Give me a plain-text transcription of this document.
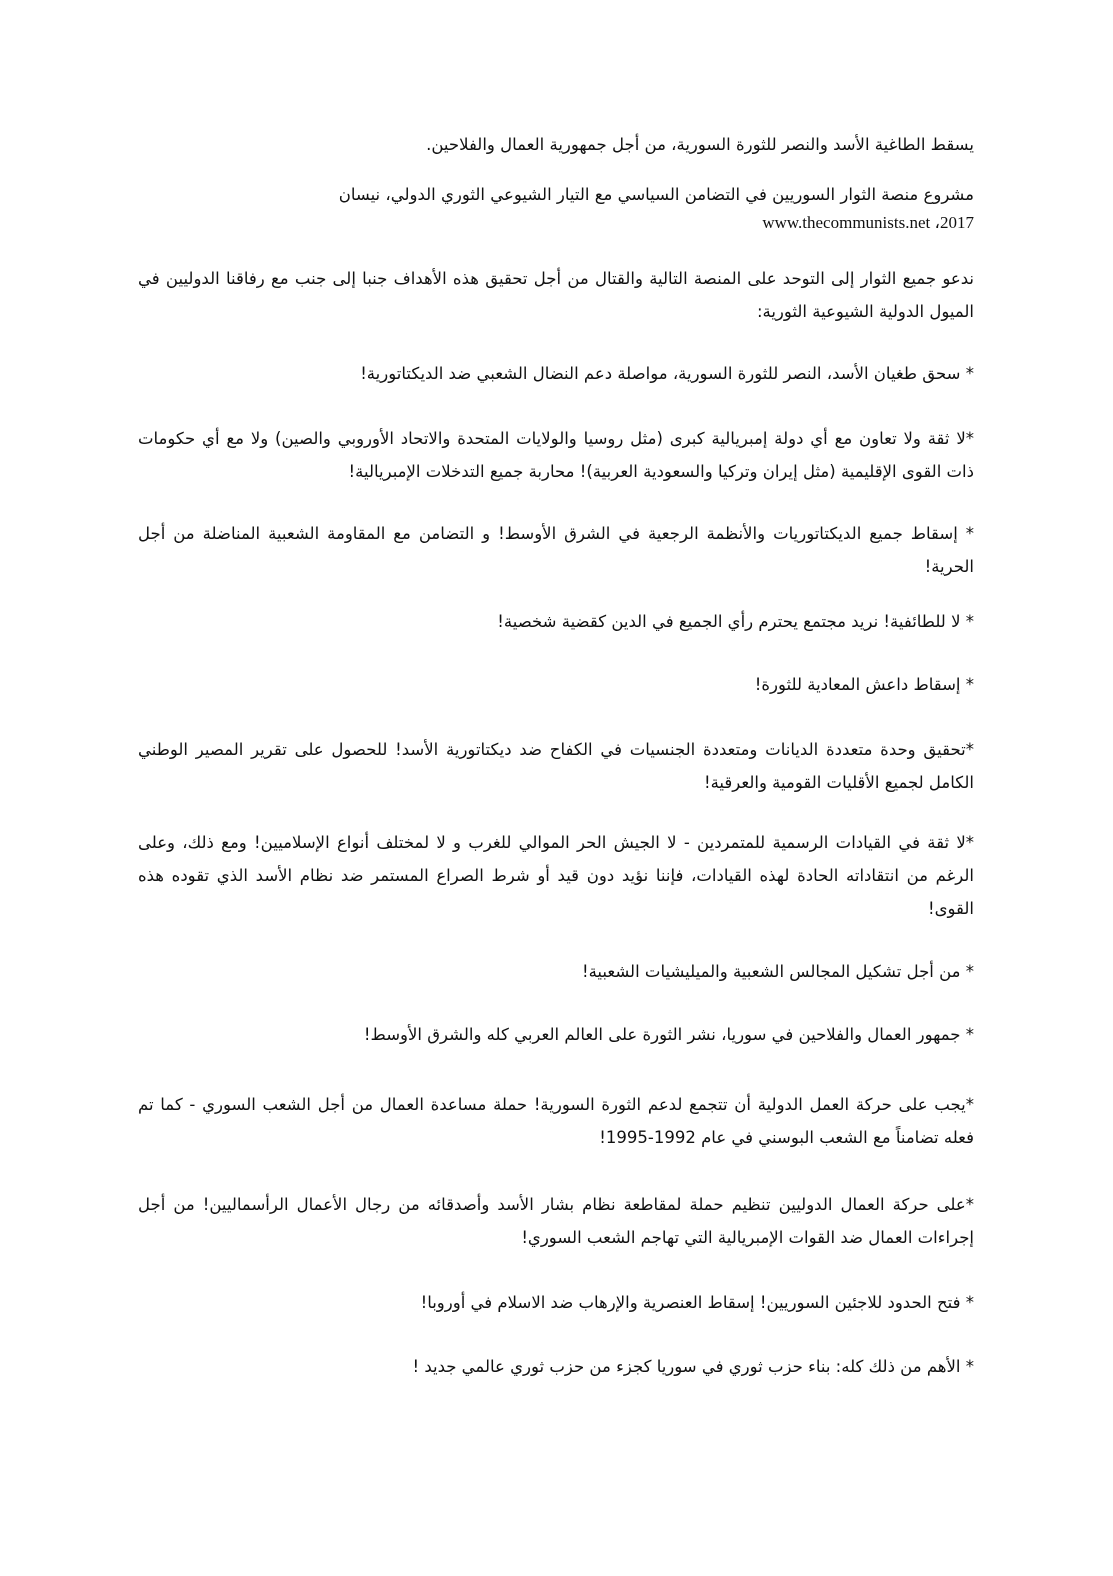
يسقط الطاغية الأسد والنصر للثورة السورية، من أجل جمهورية العمال والفلاحين.

مشروع منصة الثوار السوريين في التضامن السياسي مع التيار الشيوعي الثوري الدولي، نيسان
2017، www.thecommunists.net

ندعو جميع الثوار إلى التوحد على المنصة التالية والقتال من أجل تحقيق هذه الأهداف جنبا إلى جنب مع رفاقنا الدوليين في الميول الدولية الشيوعية الثورية:

* سحق طغيان الأسد، النصر للثورة السورية، مواصلة دعم النضال الشعبي ضد الديكتاتورية!

*لا ثقة ولا تعاون مع أي دولة إمبريالية كبرى (مثل روسيا والولايات المتحدة والاتحاد الأوروبي والصين) ولا مع أي حكومات ذات القوى الإقليمية (مثل إيران وتركيا والسعودية العربية)! محاربة جميع التدخلات الإمبريالية!

* إسقاط جميع الديكتاتوريات والأنظمة الرجعية في الشرق الأوسط! و التضامن مع المقاومة الشعبية المناضلة من أجل الحرية!

* لا للطائفية! نريد مجتمع يحترم رأي الجميع في الدين كقضية شخصية!

* إسقاط داعش المعادية للثورة!

*تحقيق وحدة متعددة الديانات ومتعددة الجنسيات في الكفاح ضد ديكتاتورية الأسد! للحصول على تقرير المصير الوطني الكامل لجميع الأقليات القومية والعرقية!

*لا ثقة في القيادات الرسمية للمتمردين - لا الجيش الحر الموالي للغرب و لا لمختلف أنواع الإسلاميين! ومع ذلك، وعلى الرغم من انتقاداته الحادة لهذه القيادات، فإننا نؤيد دون قيد أو شرط الصراع المستمر ضد نظام الأسد الذي تقوده هذه القوى!

* من أجل تشكيل المجالس الشعبية والميليشيات الشعبية!

* جمهور العمال والفلاحين في سوريا، نشر الثورة على العالم العربي كله والشرق الأوسط!

*يجب على حركة العمل الدولية أن تتجمع لدعم الثورة السورية! حملة مساعدة العمال من أجل الشعب السوري - كما تم فعله تضامناً مع الشعب البوسني في عام 1992-1995!

*على حركة العمال الدوليين تنظيم حملة لمقاطعة نظام بشار الأسد وأصدقائه من رجال الأعمال الرأسماليين! من أجل إجراءات العمال ضد القوات الإمبريالية التي تهاجم الشعب السوري!

* فتح الحدود للاجئين السوريين! إسقاط العنصرية والإرهاب ضد الاسلام في أوروبا!

* الأهم من ذلك كله: بناء حزب ثوري في سوريا كجزء من حزب ثوري عالمي جديد !
